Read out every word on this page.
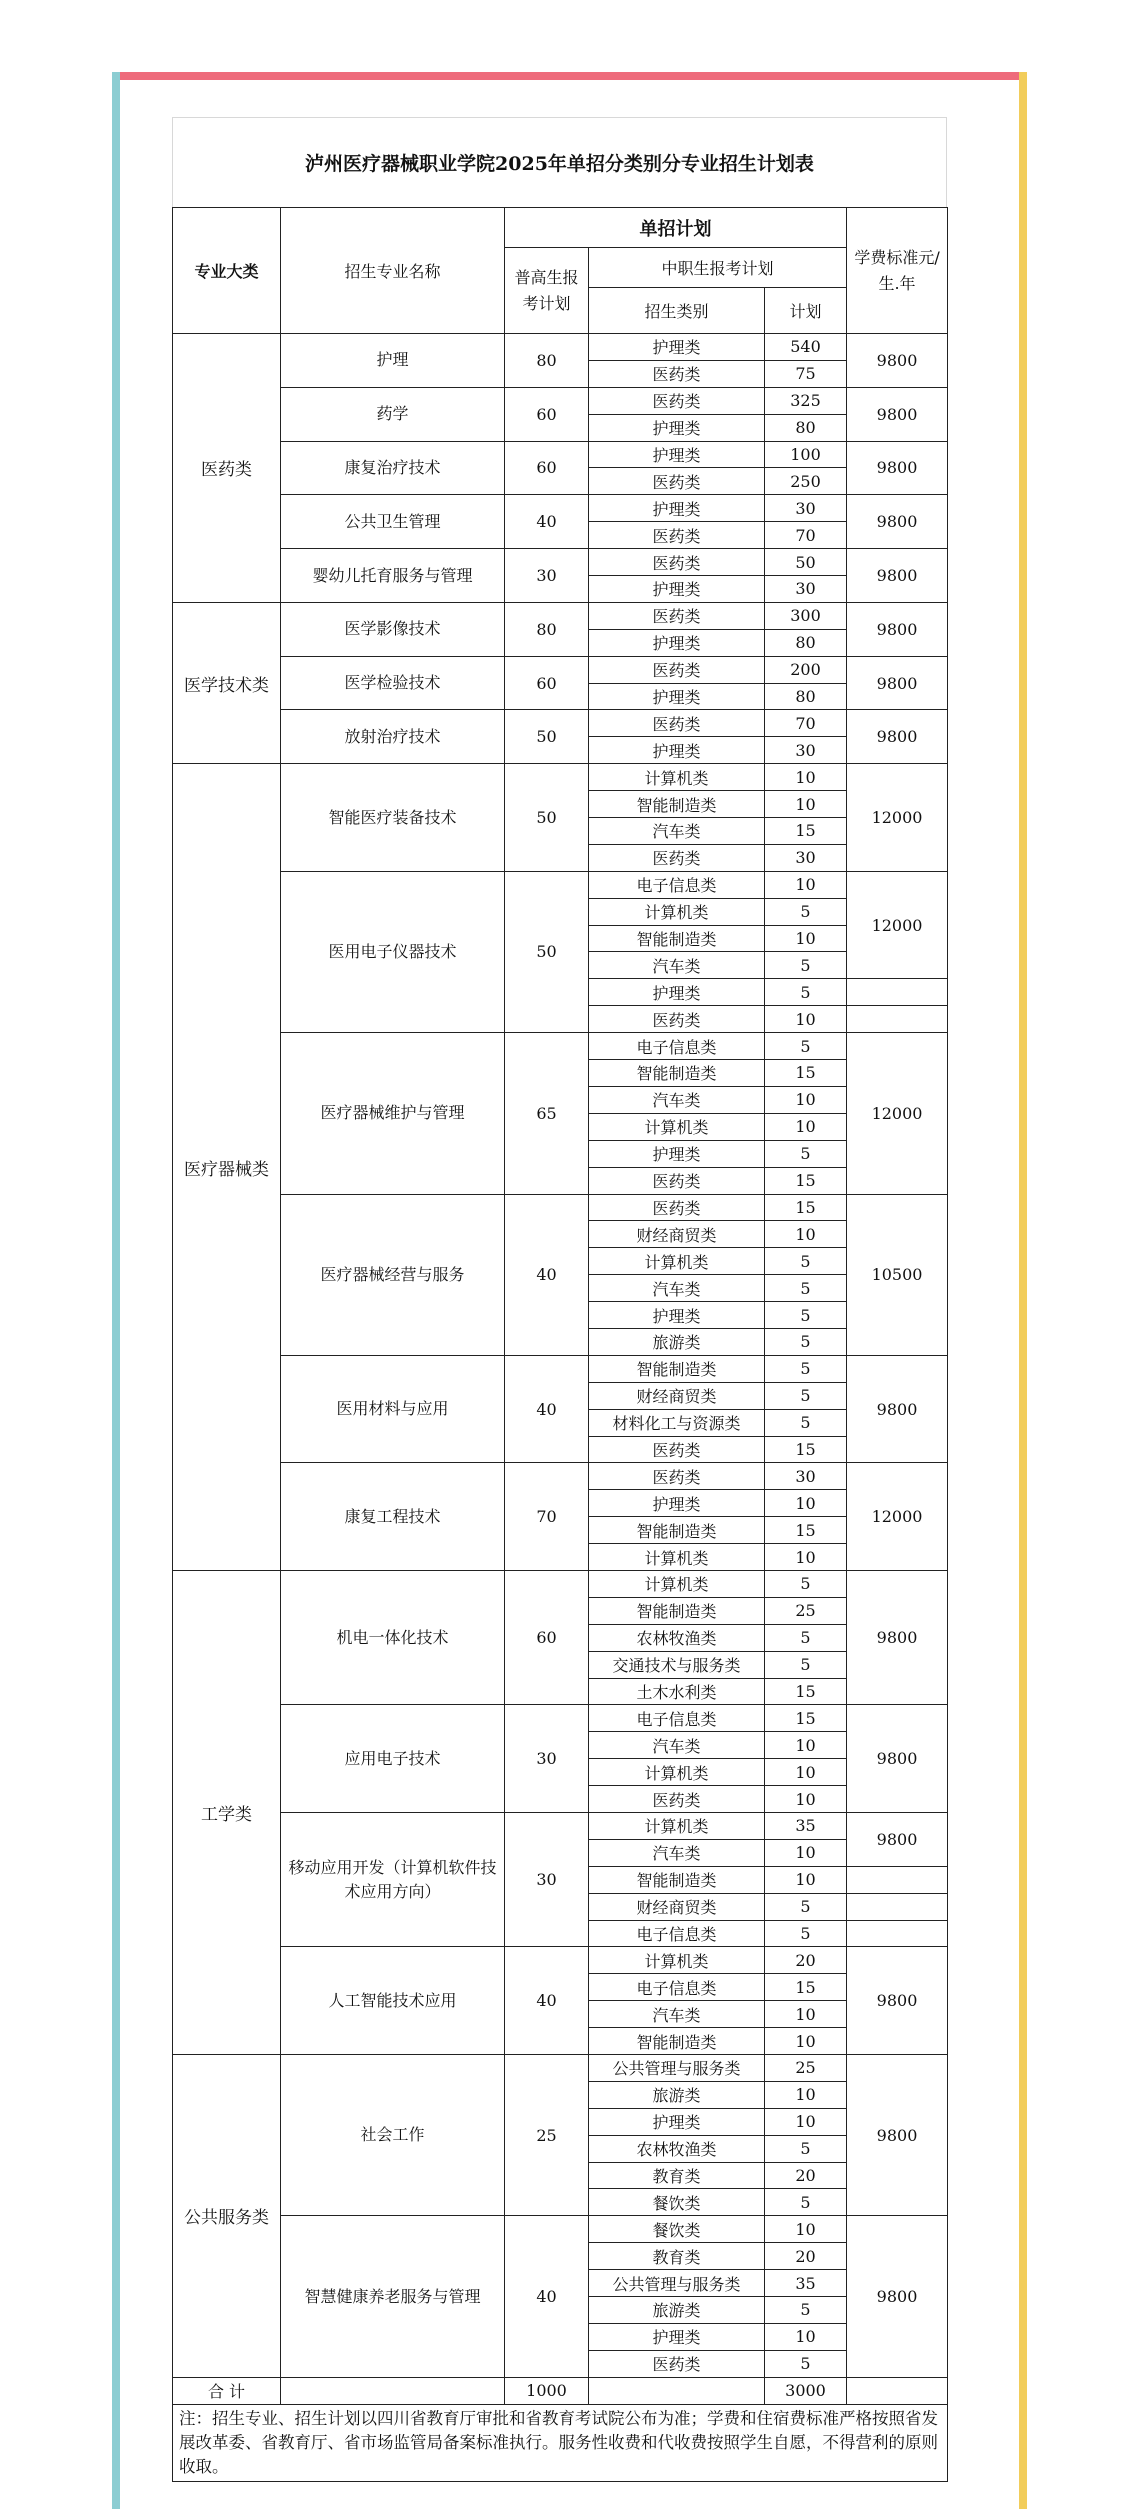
泸州医疗器械职业学院2025年单招分类别分专业招生计划表
专业大类	招生专业名称	单招计划			学费标准元/生.年
		普高生报考计划	中职生报考计划		
			招生类别	计划	
医药类	护理	80	护理类	540	9800
			医药类	75	
	药学	60	医药类	325	9800
			护理类	80	
	康复治疗技术	60	护理类	100	9800
			医药类	250	
	公共卫生管理	40	护理类	30	9800
			医药类	70	
	婴幼儿托育服务与管理	30	医药类	50	9800
			护理类	30	
医学技术类	医学影像技术	80	医药类	300	9800
			护理类	80	
	医学检验技术	60	医药类	200	9800
			护理类	80	
	放射治疗技术	50	医药类	70	9800
			护理类	30	
医疗器械类	智能医疗装备技术	50	计算机类	10	12000
			智能制造类	10	
			汽车类	15	
			医药类	30	
	医用电子仪器技术	50	电子信息类	10	12000
			计算机类	5	
			智能制造类	10	
			汽车类	5	
			护理类	5	
			医药类	10	
	医疗器械维护与管理	65	电子信息类	5	12000
			智能制造类	15	
			汽车类	10	
			计算机类	10	
			护理类	5	
			医药类	15	
	医疗器械经营与服务	40	医药类	15	10500
			财经商贸类	10	
			计算机类	5	
			汽车类	5	
			护理类	5	
			旅游类	5	
	医用材料与应用	40	智能制造类	5	9800
			财经商贸类	5	
			材料化工与资源类	5	
			医药类	15	
	康复工程技术	70	医药类	30	12000
			护理类	10	
			智能制造类	15	
			计算机类	10	
工学类	机电一体化技术	60	计算机类	5	9800
			智能制造类	25	
			农林牧渔类	5	
			交通技术与服务类	5	
			土木水利类	15	
	应用电子技术	30	电子信息类	15	9800
			汽车类	10	
			计算机类	10	
			医药类	10	
	移动应用开发（计算机软件技术应用方向）	30	计算机类	35	9800
			汽车类	10	
			智能制造类	10	
			财经商贸类	5	
			电子信息类	5	
	人工智能技术应用	40	计算机类	20	9800
			电子信息类	15	
			汽车类	10	
			智能制造类	10	
公共服务类	社会工作	25	公共管理与服务类	25	9800
			旅游类	10	
			护理类	10	
			农林牧渔类	5	
			教育类	20	
			餐饮类	5	
	智慧健康养老服务与管理	40	餐饮类	10	9800
			教育类	20	
			公共管理与服务类	35	
			旅游类	5	
			护理类	10	
			医药类	5	
合 计		1000		3000	
注：招生专业、招生计划以四川省教育厅审批和省教育考试院公布为准；学费和住宿费标准严格按照省发展改革委、省教育厅、省市场监管局备案标准执行。服务性收费和代收费按照学生自愿，不得营利的原则收取。					
